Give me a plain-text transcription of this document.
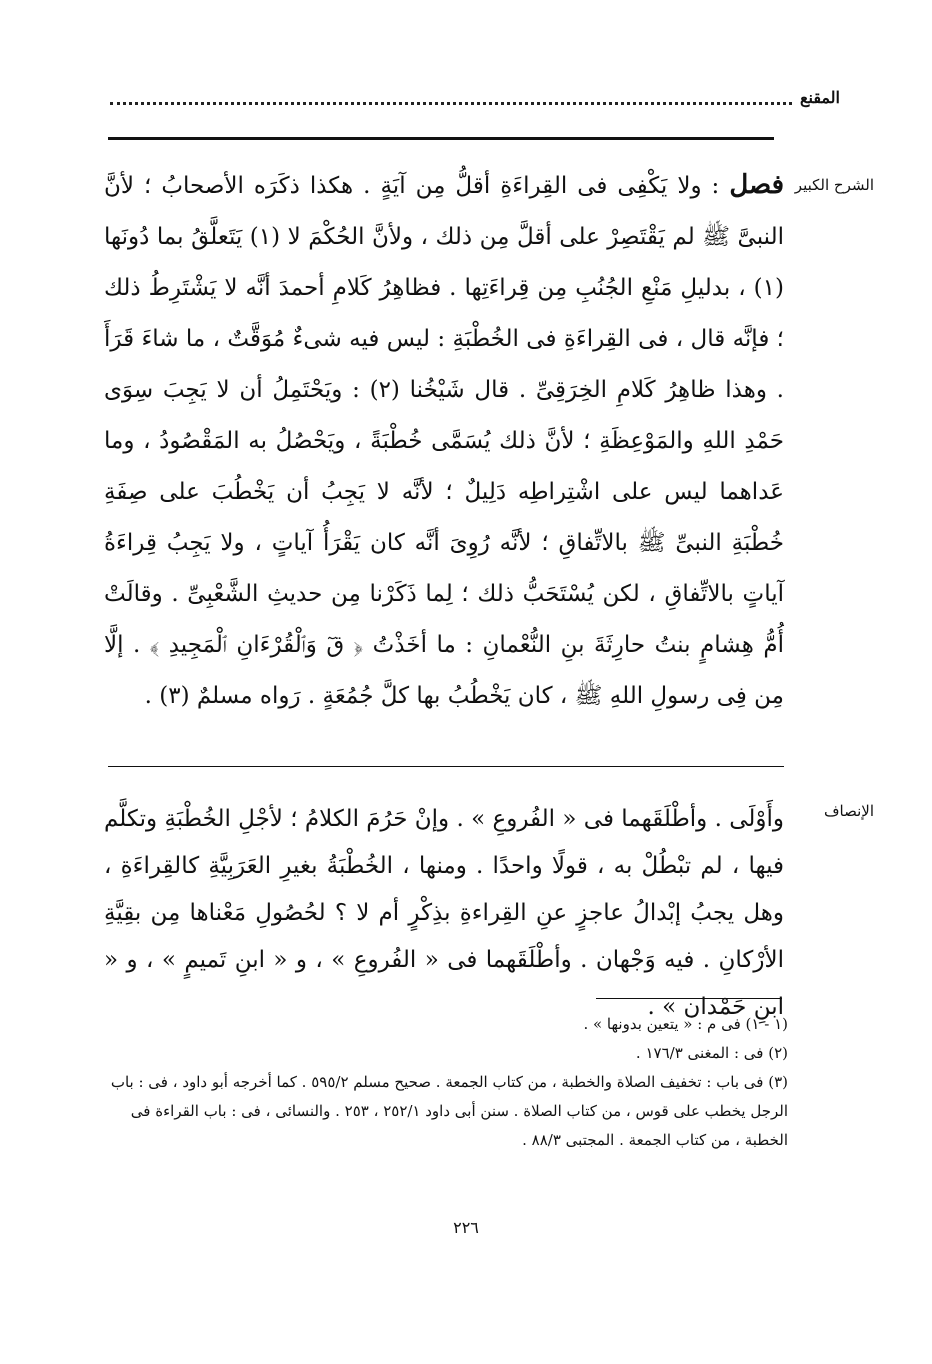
المقنع
الشرح الكبير

فصل : ولا يَكْفِى فى القِراءَةِ أقلُّ مِن آيَةٍ . هكذا ذكَرَه الأصحابُ ؛ لأنَّ النبىَّ ﷺ لم يَقْتَصِرْ على أقلَّ مِن ذلك ، ولأنَّ الحُكْمَ لا (١) يَتَعلَّقُ بما دُونَها (١) ، بدليلِ مَنْعِ الجُنُبِ مِن قِراءَتِها . فظاهِرُ كَلامِ أحمدَ أنَّه لا يَشْتَرِطُ ذلك ؛ فإنَّه قال ، فى القِراءَةِ فى الخُطْبَةِ : ليس فيه شىءٌ مُوَقَّتٌ ، ما شاءَ قَرَأَ . وهذا ظاهِرُ كَلامِ الخِرَقِىِّ . قال شَيْخُنا (٢) : ويَحْتَمِلُ أن لا يَجِبَ سِوَى حَمْدِ اللهِ والمَوْعِظَةِ ؛ لأنَّ ذلك يُسَمَّى خُطْبَةً ، ويَحْصُلُ به المَقْصُودُ ، وما عَداهما ليس على اشْتِراطِه دَلِيلٌ ؛ لأنَّه لا يَجِبُ أن يَخْطُبَ على صِفَةِ خُطْبَةِ النبىِّ ﷺ بالاتِّفاقِ ؛ لأنَّه رُوِىَ أنَّه كان يَقْرَأُ آياتٍ ، ولا يَجِبُ قِراءَةُ آياتٍ بالاتِّفاقِ ، لكن يُسْتَحَبُّ ذلك ؛ لِما ذَكَرْنا مِن حديثِ الشَّعْبِىِّ . وقالَتْ أُمُّ هِشامٍ بنتُ حارِثَةَ بنِ النُّعْمانِ : ما أخَذْتُ ﴿ قٓ وَٱلْقُرْءَانِ ٱلْمَجِيدِ ﴾ . إلَّا مِن فِى رسولِ اللهِ ﷺ ، كان يَخْطُبُ بها كلَّ جُمُعَةٍ . رَواه مسلمٌ (٣) .

الإنصاف

وأَوْلَى . وأطْلَقَهما فى « الفُروعِ » . وإنْ حَرُمَ الكلامُ ؛ لأجْلِ الخُطْبَةِ وتكلَّم فيها ، لم تبْطُلْ به ، قولًا واحدًا . ومنها ، الخُطْبَةُ بغيرِ العَرَبِيَّةِ كالقِراءَةِ ، وهل يجبُ إبْدالُ عاجزٍ عنِ القِراءةِ بذِكْرٍ أم لا ؟ لحُصُولِ مَعْناها مِن بقِيَّةِ الأرْكانِ . فيه وَجْهان . وأطْلَقَهما فى « الفُروعِ » ، و « ابنِ تَميمٍ » ، و « ابنِ حَمْدان » .

(١ - ١) فى م : « يتعين بدونها » .

(٢) فى : المغنى ١٧٦/٣ .

(٣) فى باب : تخفيف الصلاة والخطبة ، من كتاب الجمعة . صحيح مسلم ٥٩٥/٢ . كما أخرجه أبو داود ، فى : باب الرجل يخطب على قوس ، من كتاب الصلاة . سنن أبى داود ٢٥٢/١ ، ٢٥٣ . والنسائى ، فى : باب القراءة فى الخطبة ، من كتاب الجمعة . المجتبى ٨٨/٣ .

٢٢٦
